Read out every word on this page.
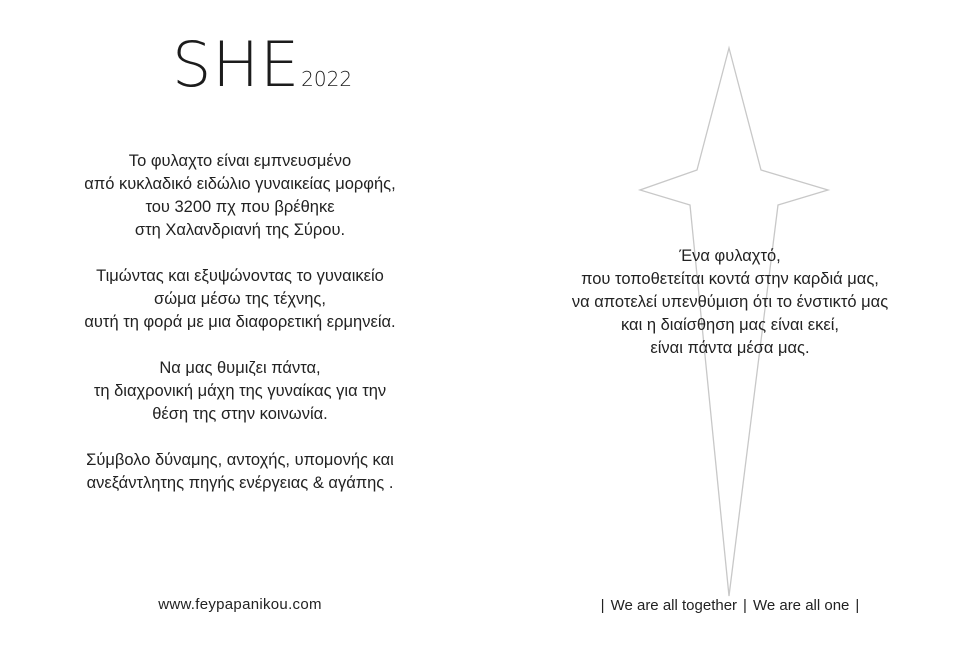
SHE2022

Το φυλαχτο είναι εμπνευσμένο
από κυκλαδικό ειδώλιο γυναικείας μορφής,
του 3200 πχ που βρέθηκε
στη Χαλανδριανή της Σύρου.

Τιμώντας και εξυψώνοντας το γυναικείο
σώμα μέσω της τέχνης,
αυτή τη φορά με μια διαφορετική ερμηνεία.

Να μας θυμιζει πάντα,
τη διαχρονική μάχη της γυναίκας για την
θέση της στην κοινωνία.

Σύμβολο δύναμης, αντοχής, υπομονής και
ανεξάντλητης πηγής ενέργειας & αγάπης .

Ένα φυλαχτό,
που τοποθετείται κοντά στην καρδιά μας,
να αποτελεί υπενθύμιση ότι το ένστικτό μας
και η διαίσθηση μας είναι εκεί,
είναι πάντα μέσα μας.
www.feypapanikou.com	| We are all together | We are all one |
